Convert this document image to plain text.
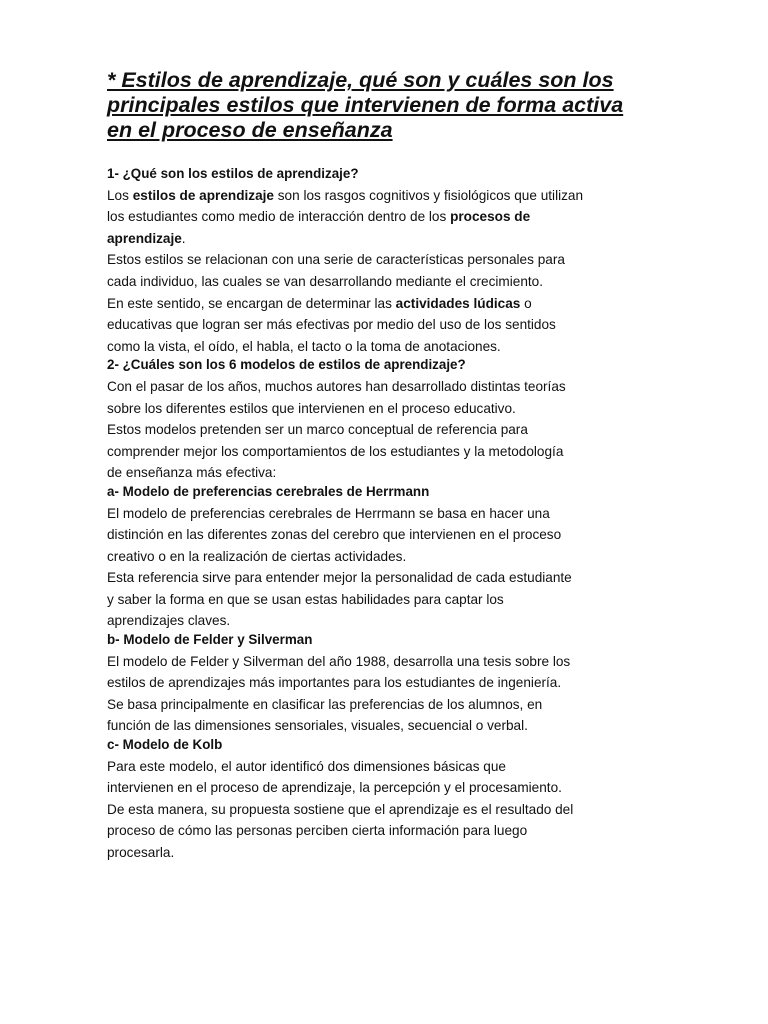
* Estilos de aprendizaje, qué son y cuáles son los
principales estilos que intervienen de forma activa
en el proceso de enseñanza
1- ¿Qué son los estilos de aprendizaje?
Los estilos de aprendizaje son los rasgos cognitivos y fisiológicos que utilizan
los estudiantes como medio de interacción dentro de los procesos de
aprendizaje.
Estos estilos se relacionan con una serie de características personales para
cada individuo, las cuales se van desarrollando mediante el crecimiento.
En este sentido, se encargan de determinar las actividades lúdicas o
educativas que logran ser más efectivas por medio del uso de los sentidos
como la vista, el oído, el habla, el tacto o la toma de anotaciones.
2- ¿Cuáles son los 6 modelos de estilos de aprendizaje?
Con el pasar de los años, muchos autores han desarrollado distintas teorías
sobre los diferentes estilos que intervienen en el proceso educativo.
Estos modelos pretenden ser un marco conceptual de referencia para
comprender mejor los comportamientos de los estudiantes y la metodología
de enseñanza más efectiva:
a- Modelo de preferencias cerebrales de Herrmann
El modelo de preferencias cerebrales de Herrmann se basa en hacer una
distinción en las diferentes zonas del cerebro que intervienen en el proceso
creativo o en la realización de ciertas actividades.
Esta referencia sirve para entender mejor la personalidad de cada estudiante
y saber la forma en que se usan estas habilidades para captar los
aprendizajes claves.
b- Modelo de Felder y Silverman
El modelo de Felder y Silverman del año 1988, desarrolla una tesis sobre los
estilos de aprendizajes más importantes para los estudiantes de ingeniería.
Se basa principalmente en clasificar las preferencias de los alumnos, en
función de las dimensiones sensoriales, visuales, secuencial o verbal.
c- Modelo de Kolb
Para este modelo, el autor identificó dos dimensiones básicas que
intervienen en el proceso de aprendizaje, la percepción y el procesamiento.
De esta manera, su propuesta sostiene que el aprendizaje es el resultado del
proceso de cómo las personas perciben cierta información para luego
procesarla.
